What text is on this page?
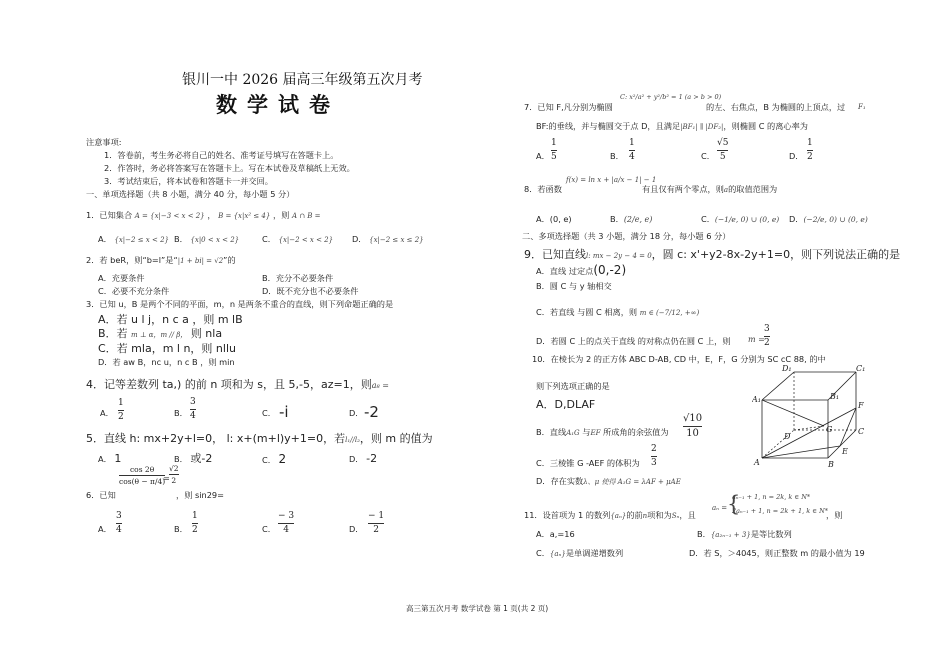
银川一中 2026 届高三年级第五次月考
数学试卷
注意事项:
1．答卷前，考生务必将自己的姓名、准考证号填写在答题卡上。
2．作答时，务必将答案写在答题卡上。写在本试卷及草稿纸上无效。
3．考试结束后，将本试卷和答题卡一并交回。
一、单项选择题（共 8 小题，满分 40 分，每小题 5 分）
1．已知集合 A = {x|−3 < x < 2} ， B = {x|x² ≤ 4} ，则 A ∩ B =
A． {x|−2 ≤ x < 2} B． {x|0 < x < 2}	C． {x|−2 < x < 2} D． {x|−2 ≤ x ≤ 2}
2．若 beR，则“b=l”是“|1 + bi| = √2”的
A．充要条件	B．充分不必要条件
C．必要不充分条件	D．既不充分也不必要条件
3．已知 u，B 是两个不同的平面，m，n 是两条不重合的直线，则下列命题正确的是
A．若 u l j，n c a ，则 m lB
B．若 m ⊥ α，m // β， 则 nla
C．若 mla，m l n，则 nllu
D．若 aw B，nc u，n c B ，则 min
4．记等差数列 ta,) 的前 n 项和为 s，且 5,-5，az=1，则a₈ =
A．
1
2	B．
3
4	C． -i	D． -2
5．直线 h: mx+2y+l=0， l: x+(m+l)y+1=0，若l₁//l₂，则 m 的值为
A． 1	B． 或-2	C． 2	D． -2
cos 2θ
cos(θ − π/4)
=
√2
2
6．已知	，则 sin29=
A．
3
4	B．
1
2	C．
− 3
4	D．
− 1
2
7．已知 F,凡分别为椭圆
C: x²/a² + y²/b² = 1 (a > b > 0)
的左、右焦点，B 为椭圆的上顶点，过 F₁
BF:的垂线，并与椭圆交于点 D，且满足|BF₁| ∥ |DF₂|，则椭圆 C 的离心率为
A．
1
5	B．
1
4	C．
√5
5	D．
1
2
8．若函数
f(x) = ln x + |a/x − 1| − 1
有且仅有两个零点，则a的取值范围为
A．(0, e)	B．(2/e, e)	C．(−1/e, 0) ∪ (0, e) D．(−2/e, 0) ∪ (0, e)
二、多项选择题（共 3 小题，满分 18 分，每小题 6 分）
9．已知直线l: mx − 2y − 4 = 0，圆 c: x'+y2-8x-2y+1=0，则下列说法正确的是
A．直线 过定点(0,-2)
B．圆 C 与 y 轴相交
C．若直线 与圆 C 相离，则 m ∈ (−7/12, +∞)
D．若圆 C 上的点关于直线 的对称点仍在圆 C 上，则 m =
3
2
10．在棱长为 2 的正方体 ABC D-AB, CD 中，E，F，G 分别为 SC cC 88, 的中
则下列选项正确的是
A．D,DLAF
B．直线A₁G 与EF 所成角的余弦值为
√10
10
C．三棱锥 G -AEF 的体积为
2
3
D．存在实数λ、μ 使得 A₁G = λAF + μAE
D₁	C₁
A₁	B₁
F
G
D
C
A	B
E
11．设首项为 1 的数列{aₙ}的前n项和为Sₙ，且
aₙ =
aₙ₋₁ + 1, n = 2k, k ∈ N*
2aₙ₋₁ + 1, n = 2k + 1, k ∈ N*
{	，则
A．a,=16	B．{a₂ₙ₋₁ + 3}是等比数列
C．{aₙ}是单调递增数列	D．若 S，＞4045，则正整数 m 的最小值为 19
高三第五次月考 数学试卷 第 1 页(共 2 页)
